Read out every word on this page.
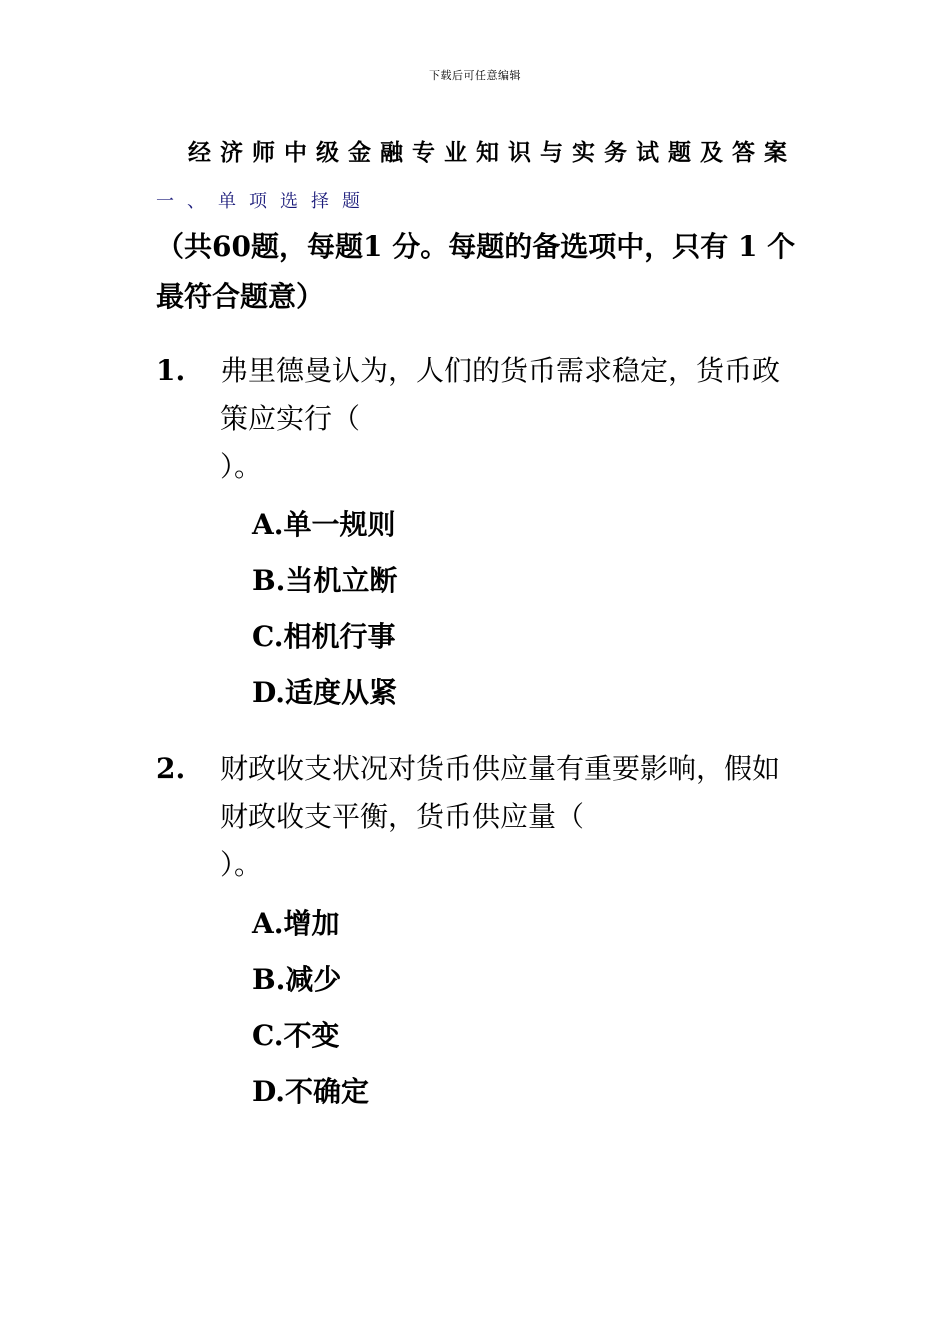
下载后可任意编辑
经济师中级金融专业知识与实务试题及答案
一、单项选择题
（共60题，每题1 分。每题的备选项中，只有 1 个最符合题意）
1. 弗里德曼认为，人们的货币需求稳定，货币政策应实行（
）。
A.单一规则
B.当机立断
C.相机行事
D.适度从紧
2. 财政收支状况对货币供应量有重要影响，假如财政收支平衡，货币供应量（
）。
A.增加
B.减少
C.不变
D.不确定
